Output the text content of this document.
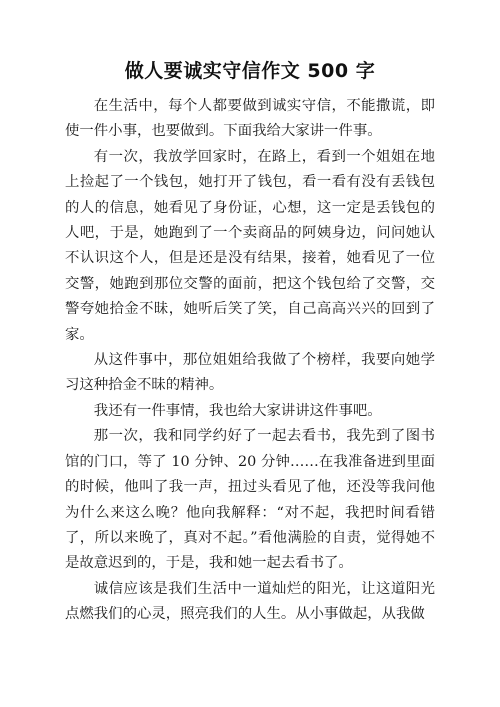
做人要诚实守信作文 500 字

在生活中，每个人都要做到诚实守信，不能撒谎，即使一件小事，也要做到。下面我给大家讲一件事。

有一次，我放学回家时，在路上，看到一个姐姐在地上捡起了一个钱包，她打开了钱包，看一看有没有丢钱包的人的信息，她看见了身份证，心想，这一定是丢钱包的人吧，于是，她跑到了一个卖商品的阿姨身边，问问她认不认识这个人，但是还是没有结果，接着，她看见了一位交警，她跑到那位交警的面前，把这个钱包给了交警，交警夸她拾金不昧，她听后笑了笑，自己高高兴兴的回到了家。

从这件事中，那位姐姐给我做了个榜样，我要向她学习这种拾金不昧的精神。

我还有一件事情，我也给大家讲讲这件事吧。

那一次，我和同学约好了一起去看书，我先到了图书馆的门口，等了 10 分钟、20 分钟……在我准备进到里面的时候，他叫了我一声，扭过头看见了他，还没等我问他为什么来这么晚？他向我解释：“对不起，我把时间看错了，所以来晚了，真对不起。”看他满脸的自责，觉得她不是故意迟到的，于是，我和她一起去看书了。

诚信应该是我们生活中一道灿烂的阳光，让这道阳光点燃我们的心灵，照亮我们的人生。从小事做起，从我做
